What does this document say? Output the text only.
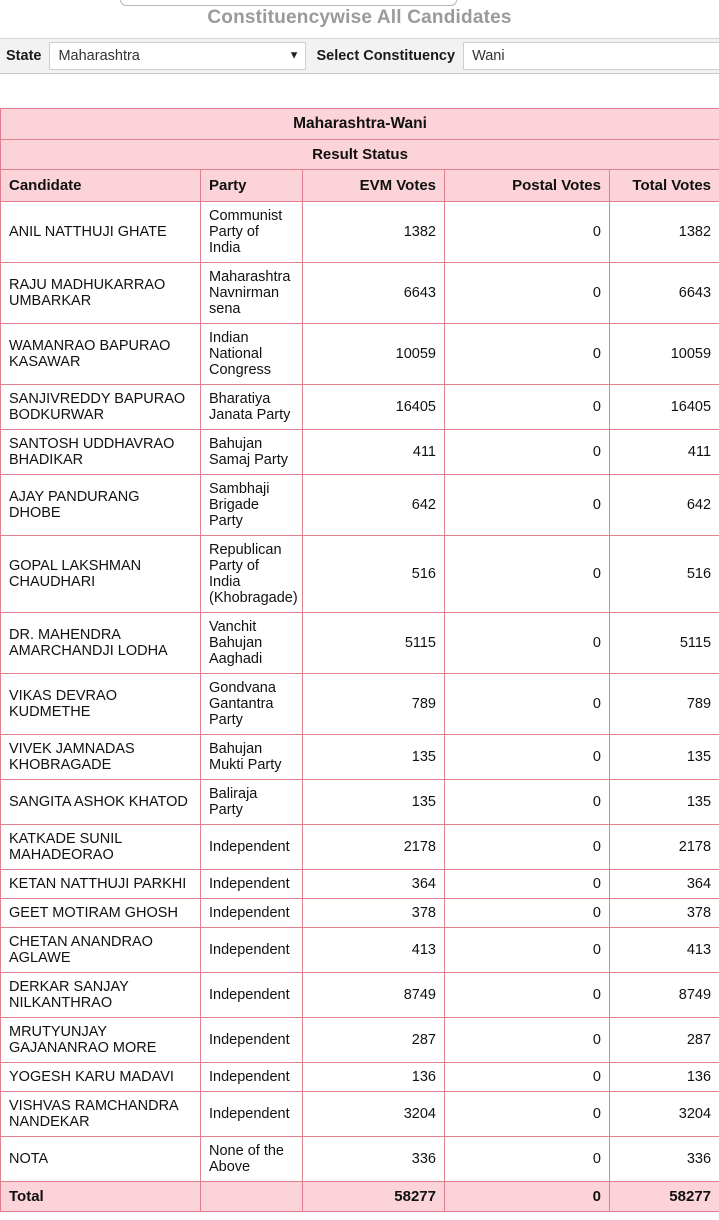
Constituencywise All Candidates
State	Maharashtra	▼	Select Constituency	Wani
Maharashtra-Wani				
Result Status				
Candidate	Party	EVM Votes	Postal Votes	Total Votes
ANIL NATTHUJI GHATE	Communist Party of India	1382	0	1382
RAJU MADHUKARRAO UMBARKAR	Maharashtra Navnirman sena	6643	0	6643
WAMANRAO BAPURAO KASAWAR	Indian National Congress	10059	0	10059
SANJIVREDDY BAPURAO BODKURWAR	Bharatiya Janata Party	16405	0	16405
SANTOSH UDDHAVRAO BHADIKAR	Bahujan Samaj Party	411	0	411
AJAY PANDURANG DHOBE	Sambhaji Brigade Party	642	0	642
GOPAL LAKSHMAN CHAUDHARI	Republican Party of India (Khobragade)	516	0	516
DR. MAHENDRA AMARCHANDJI LODHA	Vanchit Bahujan Aaghadi	5115	0	5115
VIKAS DEVRAO KUDMETHE	Gondvana Gantantra Party	789	0	789
VIVEK JAMNADAS KHOBRAGADE	Bahujan Mukti Party	135	0	135
SANGITA ASHOK KHATOD	Baliraja Party	135	0	135
KATKADE SUNIL MAHADEORAO	Independent	2178	0	2178
KETAN NATTHUJI PARKHI	Independent	364	0	364
GEET MOTIRAM GHOSH	Independent	378	0	378
CHETAN ANANDRAO AGLAWE	Independent	413	0	413
DERKAR SANJAY NILKANTHRAO	Independent	8749	0	8749
MRUTYUNJAY GAJANANRAO MORE	Independent	287	0	287
YOGESH KARU MADAVI	Independent	136	0	136
VISHVAS RAMCHANDRA NANDEKAR	Independent	3204	0	3204
NOTA	None of the Above	336	0	336
Total		58277	0	58277
